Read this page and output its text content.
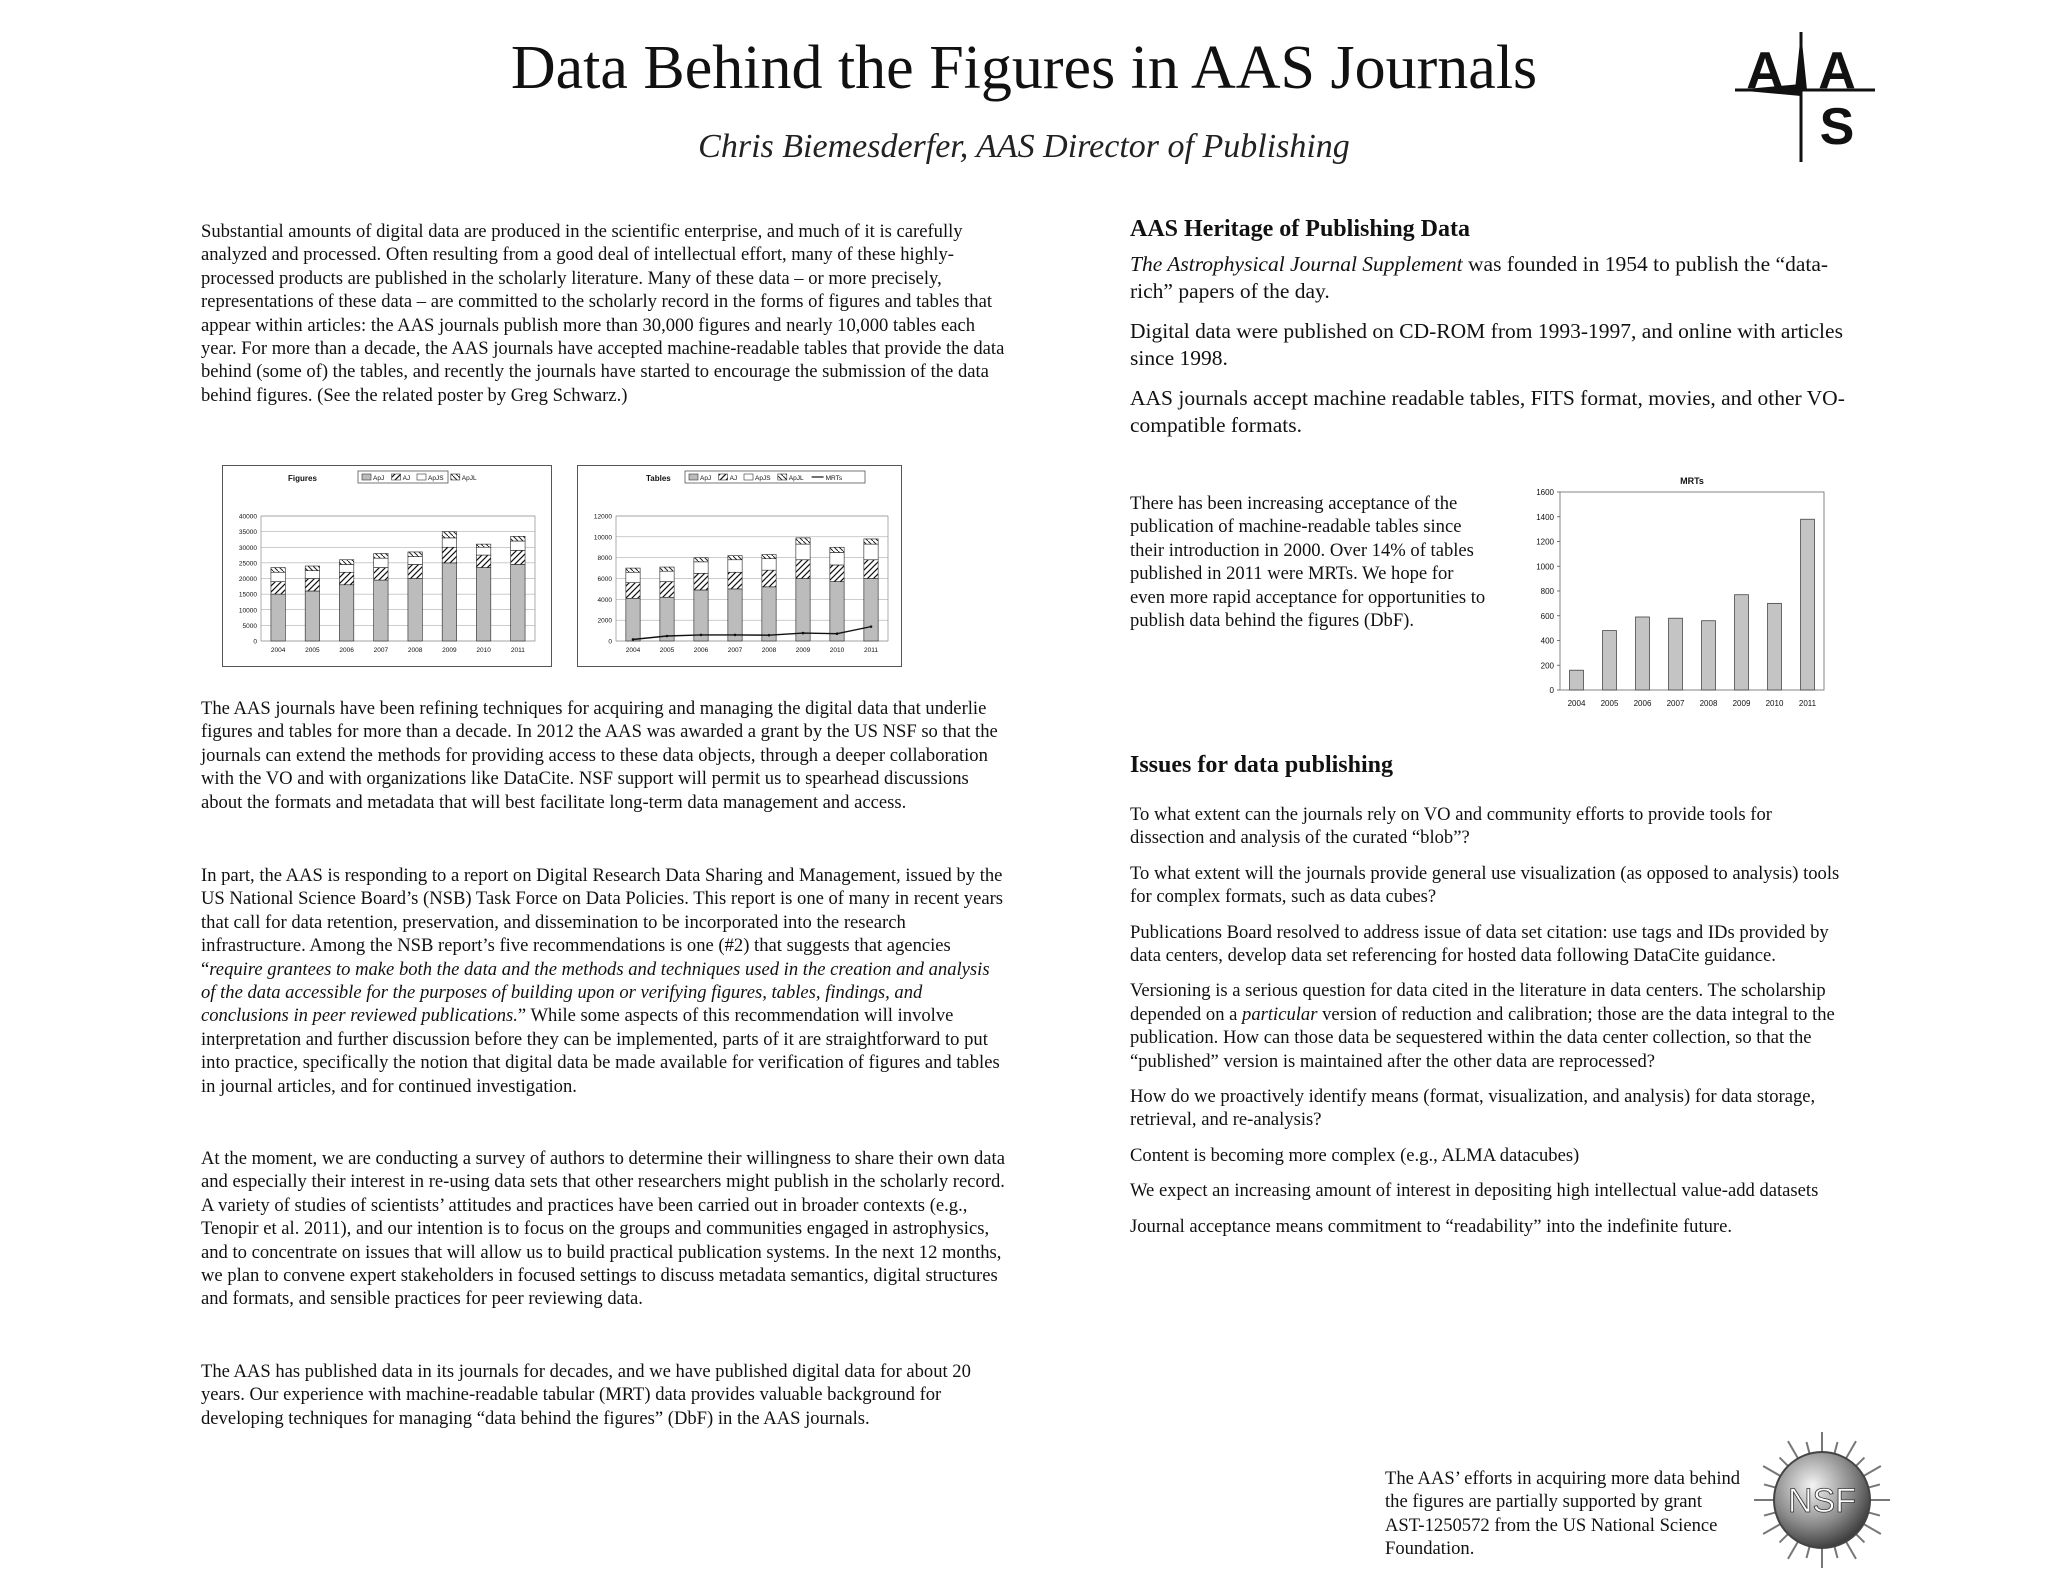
Data Behind the Figures in AAS Journals
Chris Biemesderfer, AAS Director of Publishing
A A
S

Substantial amounts of digital data are produced in the scientific enterprise, and much of it is carefully analyzed and processed. Often resulting from a good deal of intellectual effort, many of these highly-processed products are published in the scholarly literature. Many of these data – or more precisely, representations of these data – are committed to the scholarly record in the forms of figures and tables that appear within articles: the AAS journals publish more than 30,000 figures and nearly 10,000 tables each year. For more than a decade, the AAS journals have accepted machine-readable tables that provide the data behind (some of) the tables, and recently the journals have started to encourage the submission of the data behind figures. (See the related poster by Greg Schwarz.)

Figures	ApJ	AJ	ApJS	ApJL
0
5000
10000
15000
20000
25000
30000
35000
40000
2004	2005	2006	2007	2008	2009	2010	2011
Tables	ApJ	AJ	ApJS	ApJL	MRTs
0
2000
4000
6000
8000
10000
12000
2004	2005	2006	2007	2008	2009	2010	2011

The AAS journals have been refining techniques for acquiring and managing the digital data that underlie figures and tables for more than a decade. In 2012 the AAS was awarded a grant by the US NSF so that the journals can extend the methods for providing access to these data objects, through a deeper collaboration with the VO and with organizations like DataCite. NSF support will permit us to spearhead discussions about the formats and metadata that will best facilitate long-term data management and access.

In part, the AAS is responding to a report on Digital Research Data Sharing and Management, issued by the US National Science Board’s (NSB) Task Force on Data Policies. This report is one of many in recent years that call for data retention, preservation, and dissemination to be incorporated into the research infrastructure. Among the NSB report’s five recommendations is one (#2) that suggests that agencies “require grantees to make both the data and the methods and techniques used in the creation and analysis of the data accessible for the purposes of building upon or verifying figures, tables, findings, and conclusions in peer reviewed publications.” While some aspects of this recommendation will involve interpretation and further discussion before they can be implemented, parts of it are straightforward to put into practice, specifically the notion that digital data be made available for verification of figures and tables in journal articles, and for continued investigation.

At the moment, we are conducting a survey of authors to determine their willingness to share their own data and especially their interest in re-using data sets that other researchers might publish in the scholarly record. A variety of studies of scientists’ attitudes and practices have been carried out in broader contexts (e.g., Tenopir et al. 2011), and our intention is to focus on the groups and communities engaged in astrophysics, and to concentrate on issues that will allow us to build practical publication systems. In the next 12 months, we plan to convene expert stakeholders in focused settings to discuss metadata semantics, digital structures and formats, and sensible practices for peer reviewing data.

The AAS has published data in its journals for decades, and we have published digital data for about 20 years. Our experience with machine-readable tabular (MRT) data provides valuable background for developing techniques for managing “data behind the figures” (DbF) in the AAS journals.

AAS Heritage of Publishing Data
The Astrophysical Journal Supplement was founded in 1954 to publish the “data-rich” papers of the day.
Digital data were published on CD-ROM from 1993-1997, and online with articles since 1998.
AAS journals accept machine readable tables, FITS format, movies, and other VO-compatible formats.

There has been increasing acceptance of the publication of machine-readable tables since their introduction in 2000. Over 14% of tables published in 2011 were MRTs. We hope for even more rapid acceptance for opportunities to publish data behind the figures (DbF).

MRTs
0
200
400
600
800
1000
1200
1400
1600
2004 2005 2006 2007 2008 2009 2010 2011
Issues for data publishing
To what extent can the journals rely on VO and community efforts to provide tools for dissection and analysis of the curated “blob”?
To what extent will the journals provide general use visualization (as opposed to analysis) tools for complex formats, such as data cubes?
Publications Board resolved to address issue of data set citation: use tags and IDs provided by data centers, develop data set referencing for hosted data following DataCite guidance.
Versioning is a serious question for data cited in the literature in data centers. The scholarship depended on a particular version of reduction and calibration; those are the data integral to the publication. How can those data be sequestered within the data center collection, so that the “published” version is maintained after the other data are reprocessed?
How do we proactively identify means (format, visualization, and analysis) for data storage, retrieval, and re-analysis?
Content is becoming more complex (e.g., ALMA datacubes)
We expect an increasing amount of interest in depositing high intellectual value-add datasets
Journal acceptance means commitment to “readability” into the indefinite future.

The AAS’ efforts in acquiring more data behind the figures are partially supported by grant AST-1250572 from the US National Science Foundation.

NSF
